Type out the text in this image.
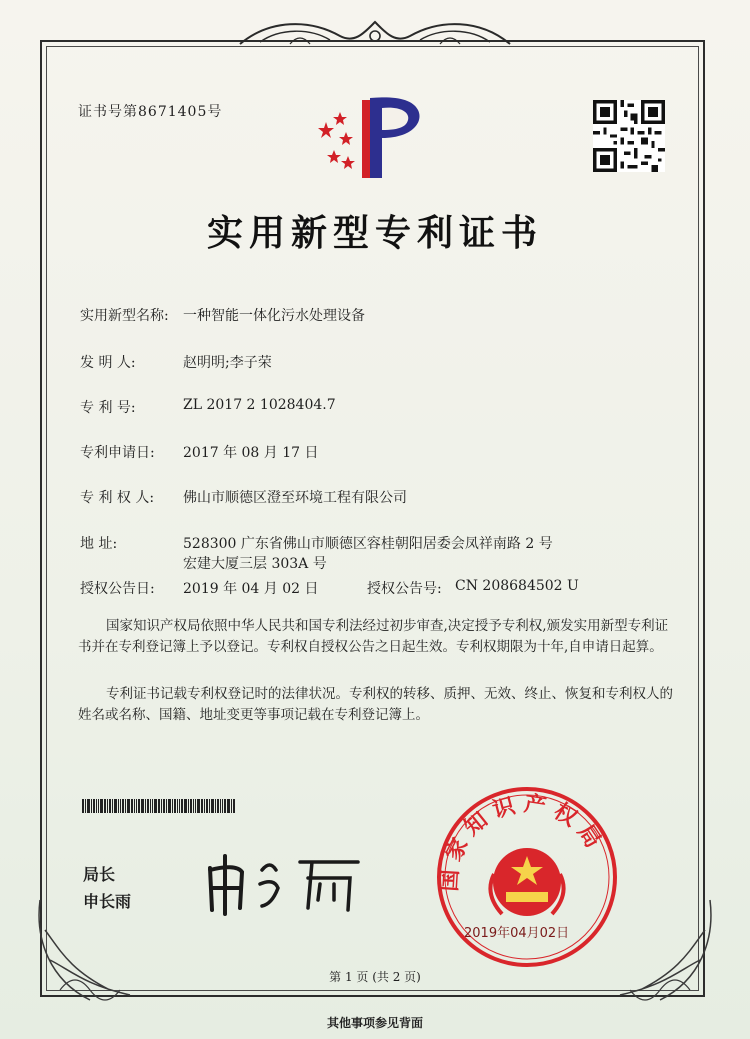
证书号第8671405号
实用新型专利证书
实用新型名称: 一种智能一体化污水处理设备
发 明 人:	赵明明;李子荣
专 利 号:	ZL 2017 2 1028404.7
专利申请日: 2017 年 08 月 17 日
专 利 权 人: 佛山市顺德区澄至环境工程有限公司
地 址:	528300 广东省佛山市顺德区容桂朝阳居委会凤祥南路 2 号
宏建大厦三层 303A 号
授权公告日: 2019 年 04 月 02 日	授权公告号: CN 208684502 U
国家知识产权局依照中华人民共和国专利法经过初步审查,决定授予专利权,颁发实用新型专利证书并在专利登记簿上予以登记。专利权自授权公告之日起生效。专利权期限为十年,自申请日起算。
专利证书记载专利权登记时的法律状况。专利权的转移、质押、无效、终止、恢复和专利权人的姓名或名称、国籍、地址变更等事项记载在专利登记簿上。
局长
申长雨
国家知识产权局
2019年04月02日
第 1 页 (共 2 页)
其他事项参见背面
